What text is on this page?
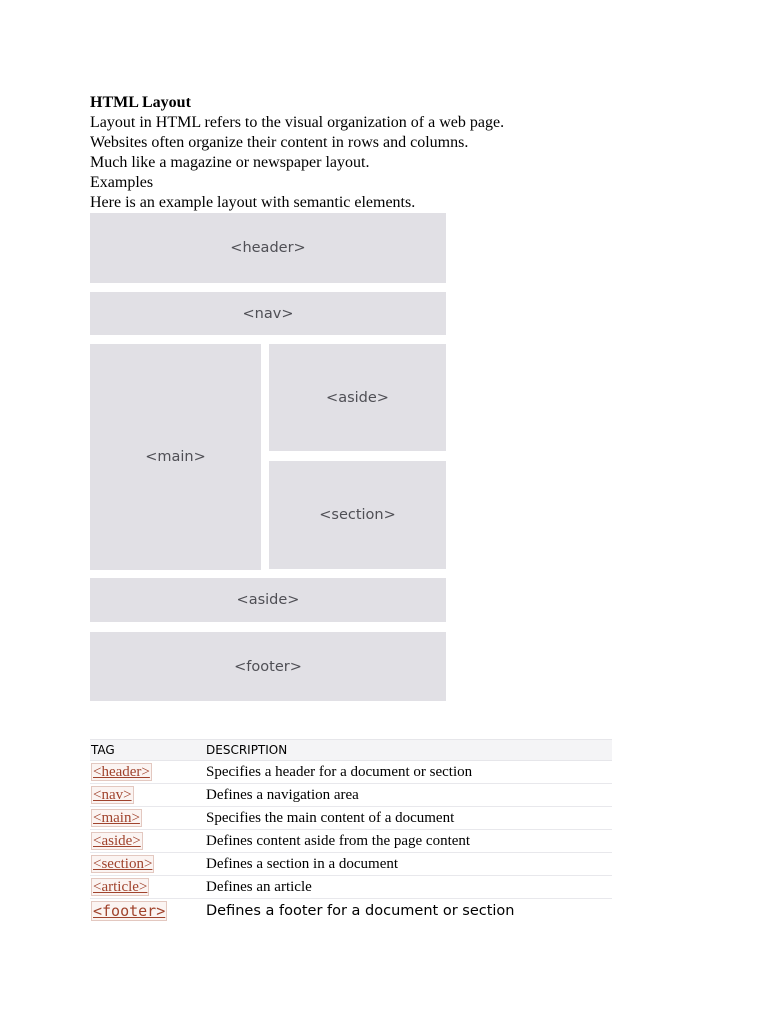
HTML Layout

Layout in HTML refers to the visual organization of a web page.

Websites often organize their content in rows and columns.

Much like a magazine or newspaper layout.

Examples

Here is an example layout with semantic elements.

<header>
<nav>
<main>
<aside>
<section>
<aside>
<footer>
TAG	DESCRIPTION
<header>	Specifies a header for a document or section
<nav>	Defines a navigation area
<main>	Specifies the main content of a document
<aside>	Defines content aside from the page content
<section>	Defines a section in a document
<article>	Defines an article
<footer>	Defines a footer for a document or section
